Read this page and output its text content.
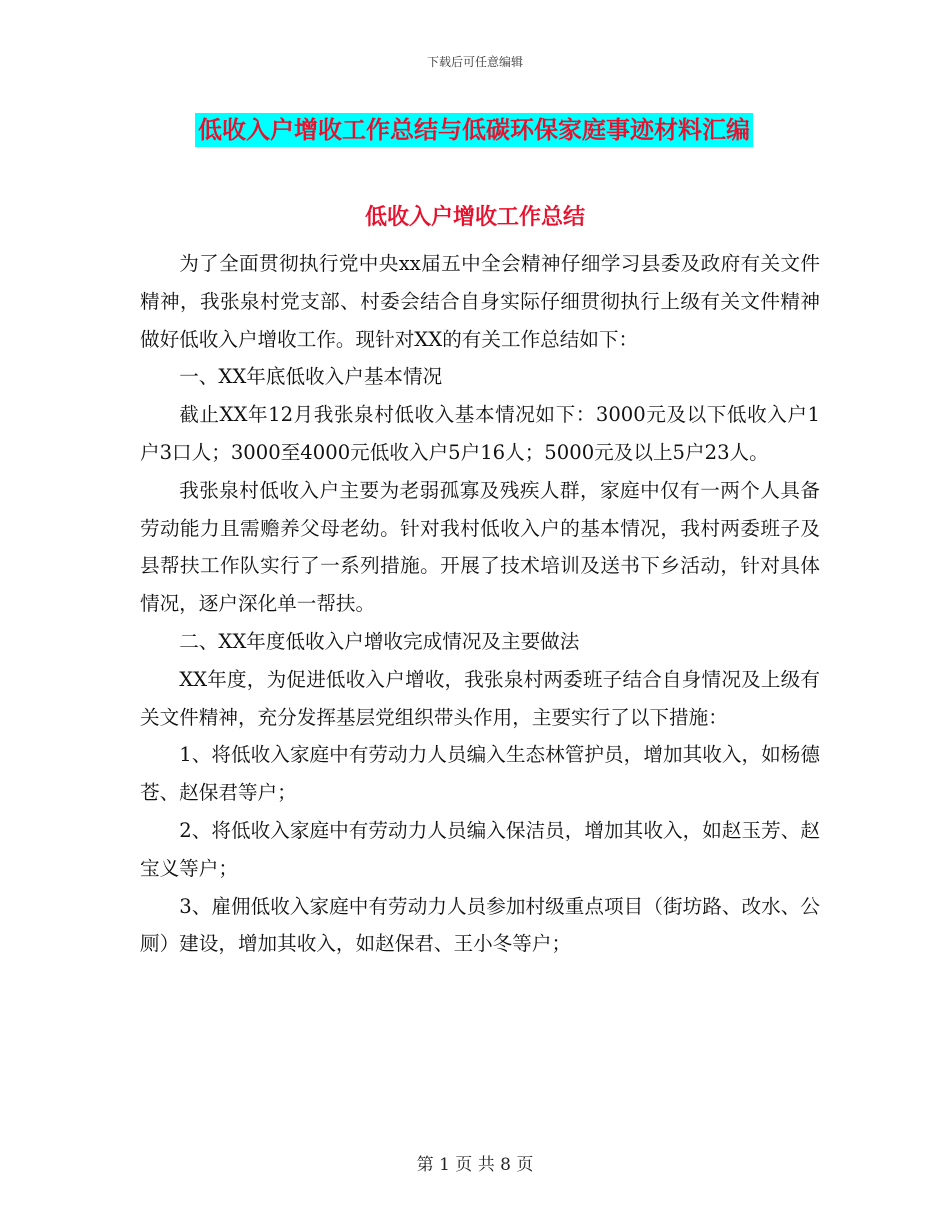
下载后可任意编辑
低收入户增收工作总结与低碳环保家庭事迹材料汇编
低收入户增收工作总结

为了全面贯彻执行党中央xx届五中全会精神仔细学习县委及政府有关文件精神，我张泉村党支部、村委会结合自身实际仔细贯彻执行上级有关文件精神做好低收入户增收工作。现针对XX的有关工作总结如下：

一、XX年底低收入户基本情况

截止XX年12月我张泉村低收入基本情况如下：3000元及以下低收入户1户3口人；3000至4000元低收入户5户16人；5000元及以上5户23人。

我张泉村低收入户主要为老弱孤寡及残疾人群，家庭中仅有一两个人具备劳动能力且需赡养父母老幼。针对我村低收入户的基本情况，我村两委班子及县帮扶工作队实行了一系列措施。开展了技术培训及送书下乡活动，针对具体情况，逐户深化单一帮扶。

二、XX年度低收入户增收完成情况及主要做法

XX年度，为促进低收入户增收，我张泉村两委班子结合自身情况及上级有关文件精神，充分发挥基层党组织带头作用，主要实行了以下措施：

1、将低收入家庭中有劳动力人员编入生态林管护员，增加其收入，如杨德苍、赵保君等户；

2、将低收入家庭中有劳动力人员编入保洁员，增加其收入，如赵玉芳、赵宝义等户；

3、雇佣低收入家庭中有劳动力人员参加村级重点项目（街坊路、改水、公厕）建设，增加其收入，如赵保君、王小冬等户；

第 1 页 共 8 页
